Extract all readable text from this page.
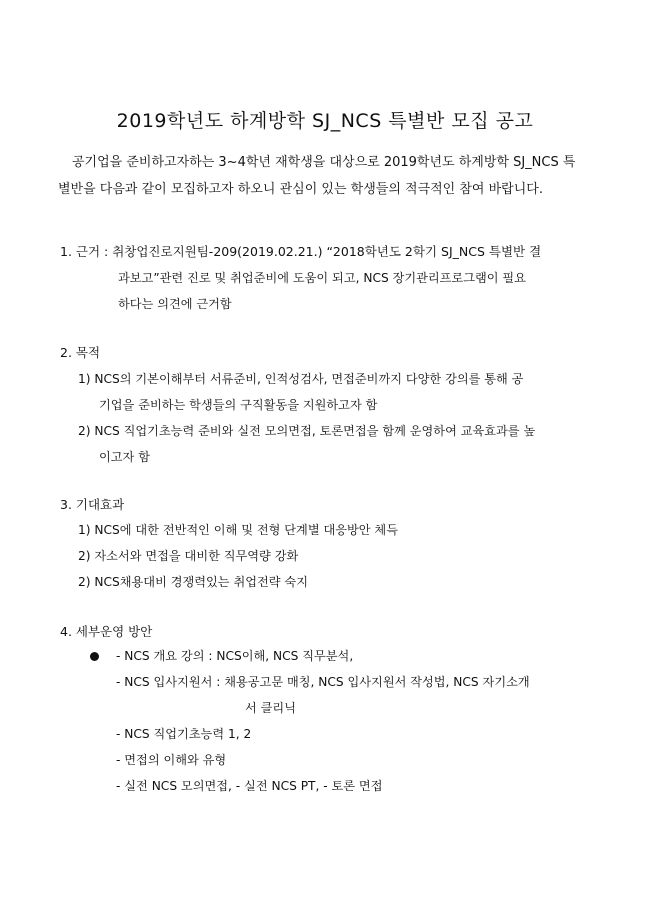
2019학년도 하계방학 SJ_NCS 특별반 모집 공고
공기업을 준비하고자하는 3~4학년 재학생을 대상으로 2019학년도 하계방학 SJ_NCS 특
별반을 다음과 같이 모집하고자 하오니 관심이 있는 학생들의 적극적인 참여 바랍니다.
1. 근거 : 취창업진로지원팀-209(2019.02.21.) “2018학년도 2학기 SJ_NCS 특별반 결
과보고”관련 진로 및 취업준비에 도움이 되고, NCS 장기관리프로그램이 필요
하다는 의견에 근거함
2. 목적
1) NCS의 기본이해부터 서류준비, 인적성검사, 면접준비까지 다양한 강의를 통해 공
기업을 준비하는 학생들의 구직활동을 지원하고자 함
2) NCS 직업기초능력 준비와 실전 모의면접, 토론면접을 함께 운영하여 교육효과를 높
이고자 함
3. 기대효과
1) NCS에 대한 전반적인 이해 및 전형 단계별 대응방안 체득
2) 자소서와 면접을 대비한 직무역량 강화
2) NCS채용대비 경쟁력있는 취업전략 숙지
4. 세부운영 방안
- NCS 개요 강의 : NCS이해, NCS 직무분석,
- NCS 입사지원서 : 채용공고문 매칭, NCS 입사지원서 작성법, NCS 자기소개
서 클리닉
- NCS 직업기초능력 1, 2
- 면접의 이해와 유형
- 실전 NCS 모의면접, - 실전 NCS PT, - 토론 면접
